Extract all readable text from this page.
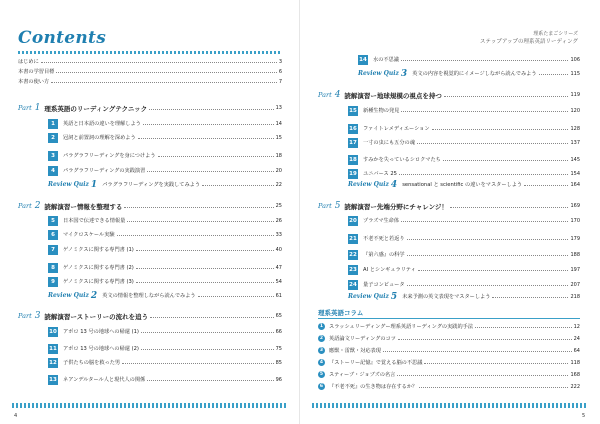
Contents
はじめに	3
本書の学習目標	6
本書の使い方	7
Part 1 理系英語のリーディングテクニック	13
1	英語と日本語の違いを理解しよう	14
2	冠詞と前置詞の理解を深めよう	15
3	パラグラフリーディングを身につけよう	18
4	パラグラフリーディングの実践演習	20
Review Quiz 1 パラグラフリーディングを実践してみよう	22
Part 2 読解演習ー情報を整理する	25
5	日本国で伝達できる情報量	26
6	マイクロスケール実験	33
7	ゲノミクスに関する専門書 (1)	40
8	ゲノミクスに関する専門書 (2)	47
9	ゲノミクスに関する専門書 (3)	54
Review Quiz 2 英文の情報を整理しながら読んでみよう	61
Part 3 読解演習ーストーリーの流れを追う	65
10 アポロ 13 号の地球への帰還 (1)	66
11 アポロ 13 号の地球への帰還 (2)	75
12 子供たちの脳を救った男	85
13 ネアンデルタール人と現代人の関係	96
4
理系たまごシリーズ
ステップアップの理系英語リーディング
14 水の不思議	106
Review Quiz 3 英文の内容を視覚的にイメージしながら読んでみよう	115
Part 4 読解演習ー地球規模の視点を持つ	119
15 新種生物の発見	120
16 ファイトレメディエーション	128
17 一寸の虫にも五分の魂	137
18 すみかを失っているシロクマたち	145
19 ユニバース 25	154
Review Quiz 4 sensational と scientific の違いをマスターしよう	164
Part 5 読解演習ー先端分野にチャレンジ！	169
20 プラズマ生命体	170
21 不老不死と若返り	179
22 『第六感』の科学	188
23 AI とシンギュラリティ	197
24 量子コンピュータ	207
Review Quiz 5 未来予測の英文表現をマスターしよう	218
理系英語コラム
1	スラッシュリーディングー理系英語リーディングの実践的手法	12
2	英語論文リーディングのコツ	24
3	應獣・雷獣・対応表現	64
4	『ストーリー記憶』で覚える脳の不思議	118
5	スティーブ・ジョブズの名言	168
6	『不老不死』の生き物は存在するか？	222
5
